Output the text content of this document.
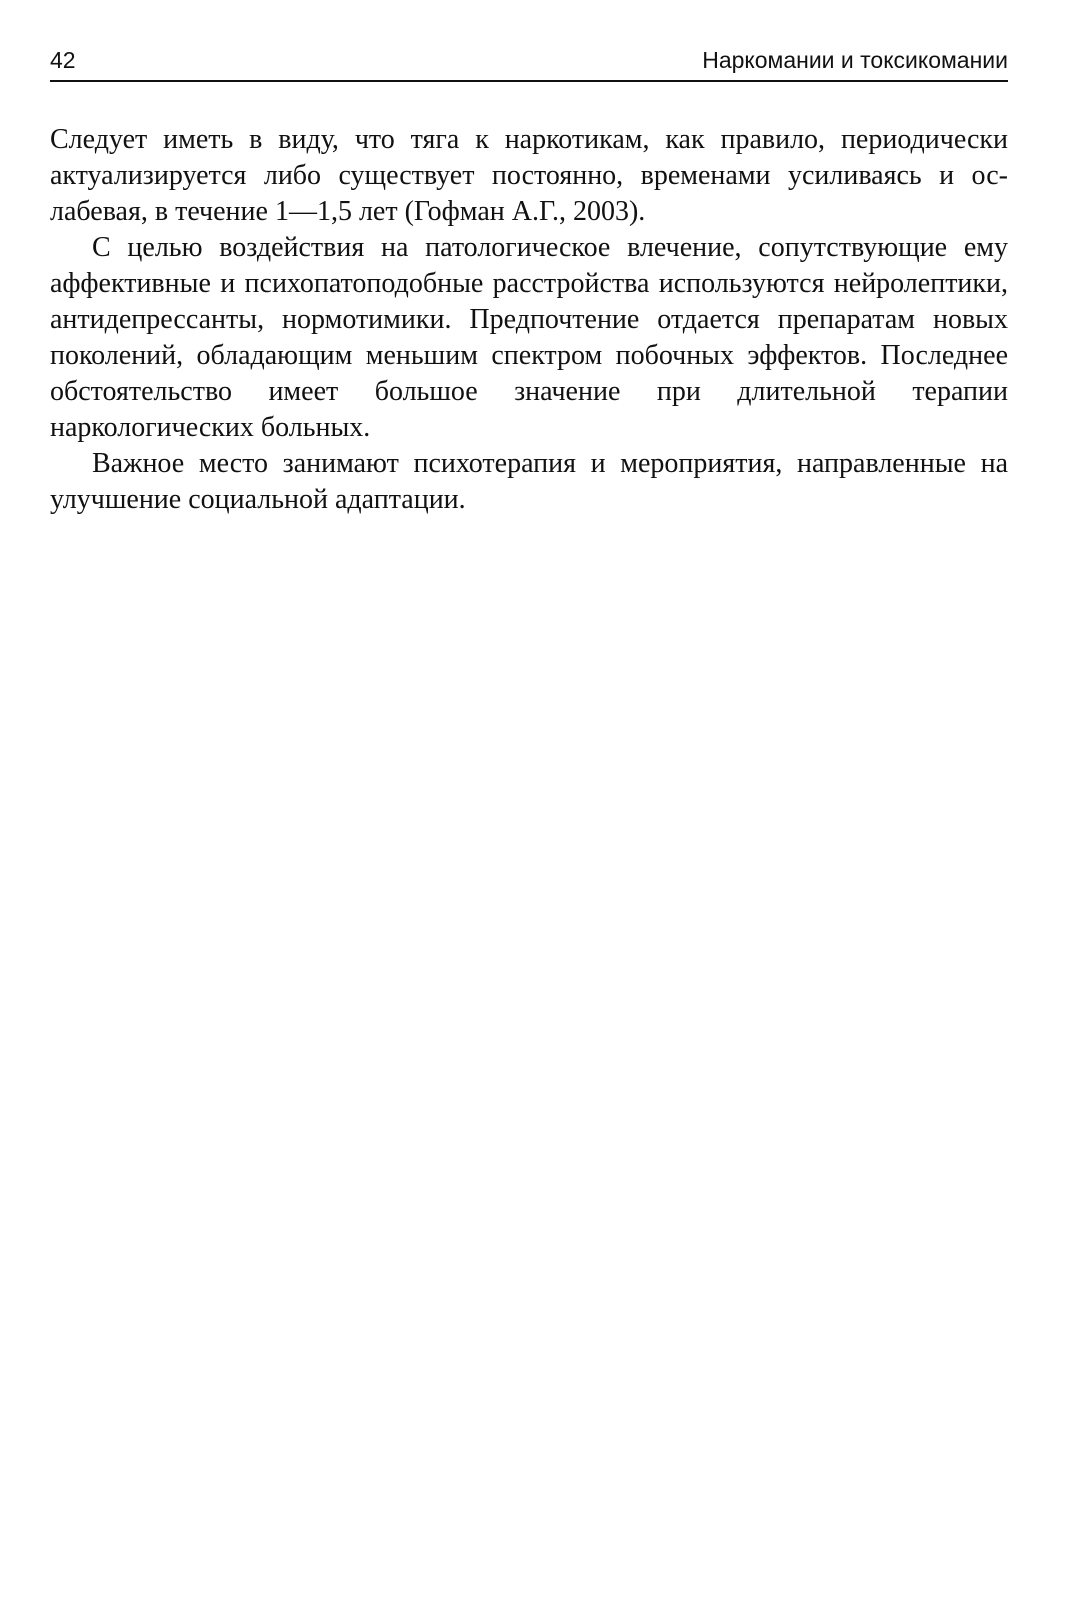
42	Наркомании и токсикомании

Следует иметь в виду, что тяга к наркотикам, как правило, периодически актуализируется либо существует постоянно, временами усиливаясь и ослабевая, в течение 1—1,5 лет (Гофман А.Г., 2003).

С целью воздействия на патологическое влечение, сопутствующие ему аффективные и психопатоподобные расстройства используются нейролептики, антидепрессанты, нормотимики. Предпочтение отдается препаратам новых поколений, обладающим меньшим спектром побочных эффектов. Последнее обстоятельство имеет большое значение при длительной терапии наркологических больных.

Важное место занимают психотерапия и мероприятия, направленные на улучшение социальной адаптации.
